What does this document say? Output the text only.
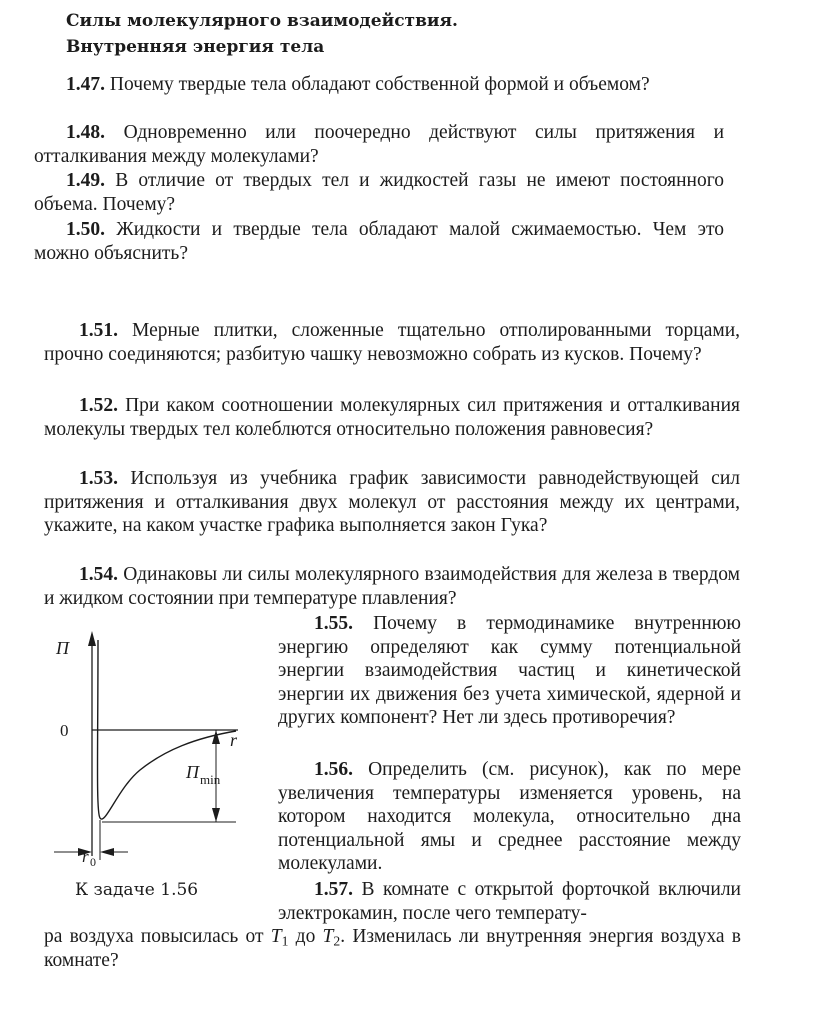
Силы молекулярного взаимодействия.
Внутренняя энергия тела
1.47. Почему твердые тела обладают собственной формой и объемом?
1.48. Одновременно или поочередно действуют силы притяжения и отталкивания между молекулами?
1.49. В отличие от твердых тел и жидкостей газы не имеют постоянного объема. Почему?
1.50. Жидкости и твердые тела обладают малой сжимаемостью. Чем это можно объяснить?
1.51. Мерные плитки, сложенные тщательно отполированными торцами, прочно соединяются; разбитую чашку невозможно собрать из кусков. Почему?
1.52. При каком соотношении молекулярных сил притяжения и отталкивания молекулы твердых тел колеблются относительно положения равновесия?
1.53. Используя из учебника график зависимости равнодействующей сил притяжения и отталкивания двух молекул от расстояния между их центрами, укажите, на каком участке графика выполняется закон Гука?
1.54. Одинаковы ли силы молекулярного взаимодействия для железа в твердом и жидком состоянии при температуре плавления?
1.55. Почему в термодинамике внутреннюю энергию определяют как сумму потенциальной энергии взаимодействия частиц и кинетической энергии их движения без учета химической, ядерной и других компонент? Нет ли здесь противоречия?
1.56. Определить (см. рисунок), как по мере увеличения температуры изменяется уровень, на котором находится молекула, относительно дна потенциальной ямы и среднее расстояние между молекулами.
1.57. В комнате с открытой форточкой включили электрокамин, после чего температу-
ра воздуха повысилась от $T_1$ до $T_2$. Изменилась ли внутренняя энергия воздуха в комнате?
П
0	r
П min
r 0
К задаче 1.56
